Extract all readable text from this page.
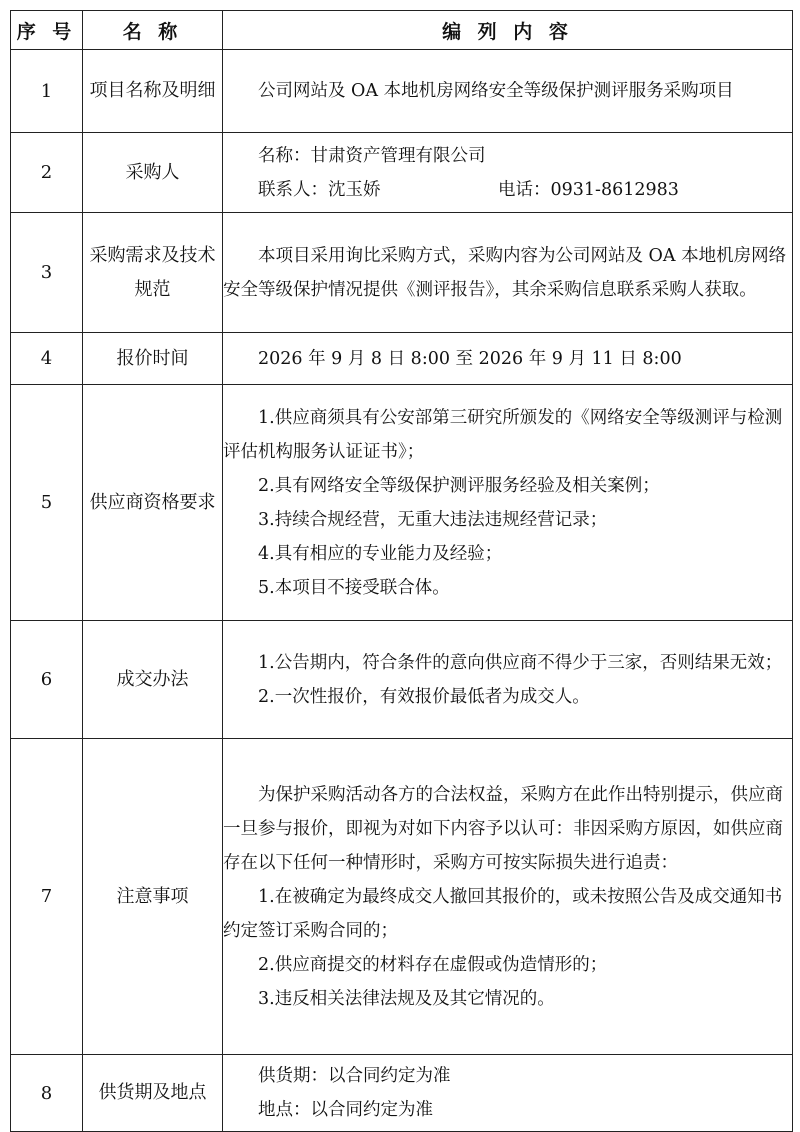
序 号	名 称	编 列 内 容
1	项目名称及明细	公司网站及 OA 本地机房网络安全等级保护测评服务采购项目

2	采购人	名称：甘肃资产管理有限公司

联系人：沈玉娇 电话：0931-8612983

3	采购需求及技术规范	本项目采用询比采购方式，采购内容为公司网站及 OA 本地机房网络安全等级保护情况提供《测评报告》，其余采购信息联系采购人获取。

4	报价时间	2026 年 9 月 8 日 8:00 至 2026 年 9 月 11 日 8:00

5	供应商资格要求	1.供应商须具有公安部第三研究所颁发的《网络安全等级测评与检测评估机构服务认证证书》；

2.具有网络安全等级保护测评服务经验及相关案例；

3.持续合规经营，无重大违法违规经营记录；

4.具有相应的专业能力及经验；

5.本项目不接受联合体。

6	成交办法	1.公告期内，符合条件的意向供应商不得少于三家，否则结果无效；

2.一次性报价，有效报价最低者为成交人。

7	注意事项	为保护采购活动各方的合法权益，采购方在此作出特别提示，供应商一旦参与报价，即视为对如下内容予以认可：非因采购方原因，如供应商存在以下任何一种情形时，采购方可按实际损失进行追责：

1.在被确定为最终成交人撤回其报价的，或未按照公告及成交通知书约定签订采购合同的；

2.供应商提交的材料存在虚假或伪造情形的；

3.违反相关法律法规及及其它情况的。

8	供货期及地点	供货期：以合同约定为准

地点：以合同约定为准
